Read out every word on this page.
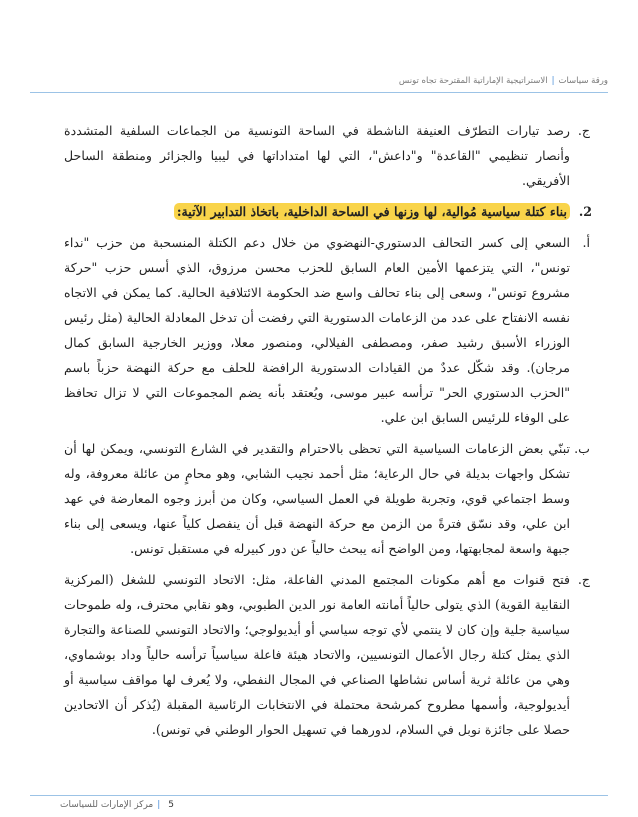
ورقة سياسات|الاستراتيجية الإماراتية المقترحة تجاه تونس
ج.
رصد تيارات التطرّف العنيفة الناشطة في الساحة التونسية من الجماعات السلفية المتشددة وأنصار تنظيمي "القاعدة" و"داعش"، التي لها امتداداتها في ليبيا والجزائر ومنطقة الساحل الأفريقي.
2.
بناء كتلة سياسية مُوالية، لها وزنها في الساحة الداخلية، باتخاذ التدابير الآتية:
أ.
السعي إلى كسر التحالف الدستوري-النهضوي من خلال دعم الكتلة المنسحبة من حزب "نداء تونس"، التي يتزعمها الأمين العام السابق للحزب محسن مرزوق، الذي أسس حزب "حركة مشروع تونس"، وسعى إلى بناء تحالف واسع ضد الحكومة الائتلافية الحالية. كما يمكن في الاتجاه نفسه الانفتاح على عدد من الزعامات الدستورية التي رفضت أن تدخل المعادلة الحالية (مثل رئيس الوزراء الأسبق رشيد صفر، ومصطفى الفيلالي، ومنصور معلا، ووزير الخارجية السابق كمال مرجان). وقد شكّل عددٌ من القيادات الدستورية الرافضة للحلف مع حركة النهضة حزباً باسم "الحزب الدستوري الحر" ترأسه عبير موسى، ويُعتقد بأنه يضم المجموعات التي لا تزال تحافظ على الوفاء للرئيس السابق ابن علي.
ب.
تبنّي بعض الزعامات السياسية التي تحظى بالاحترام والتقدير في الشارع التونسي، ويمكن لها أن تشكل واجهات بديلة في حال الرعاية؛ مثل أحمد نجيب الشابي، وهو محامٍ من عائلة معروفة، وله وسط اجتماعي قوي، وتجربة طويلة في العمل السياسي، وكان من أبرز وجوه المعارضة في عهد ابن علي، وقد نسّق فترةً من الزمن مع حركة النهضة قبل أن ينفصل كلياً عنها، ويسعى إلى بناء جبهة واسعة لمجابهتها، ومن الواضح أنه يبحث حالياً عن دور كبيرله في مستقبل تونس.
ج.
فتح قنوات مع أهم مكونات المجتمع المدني الفاعلة، مثل: الاتحاد التونسي للشغل (المركزية النقابية القوية) الذي يتولى حالياً أمانته العامة نور الدين الطبوبي، وهو نقابي محترف، وله طموحات سياسية جلية وإن كان لا ينتمي لأي توجه سياسي أو أيديولوجي؛ والاتحاد التونسي للصناعة والتجارة الذي يمثل كتلة رجال الأعمال التونسيين، والاتحاد هيئة فاعلة سياسياً ترأسه حالياً وداد بوشماوي، وهي من عائلة ثرية أساس نشاطها الصناعي في المجال النفطي، ولا يُعرف لها مواقف سياسية أو أيديولوجية، وأسمها مطروح كمرشحة محتملة في الانتخابات الرئاسية المقبلة (يُذكر أن الاتحادين حصلا على جائزة نوبل في السلام، لدورهما في تسهيل الحوار الوطني في تونس).
5|مركز الإمارات للسياسات
